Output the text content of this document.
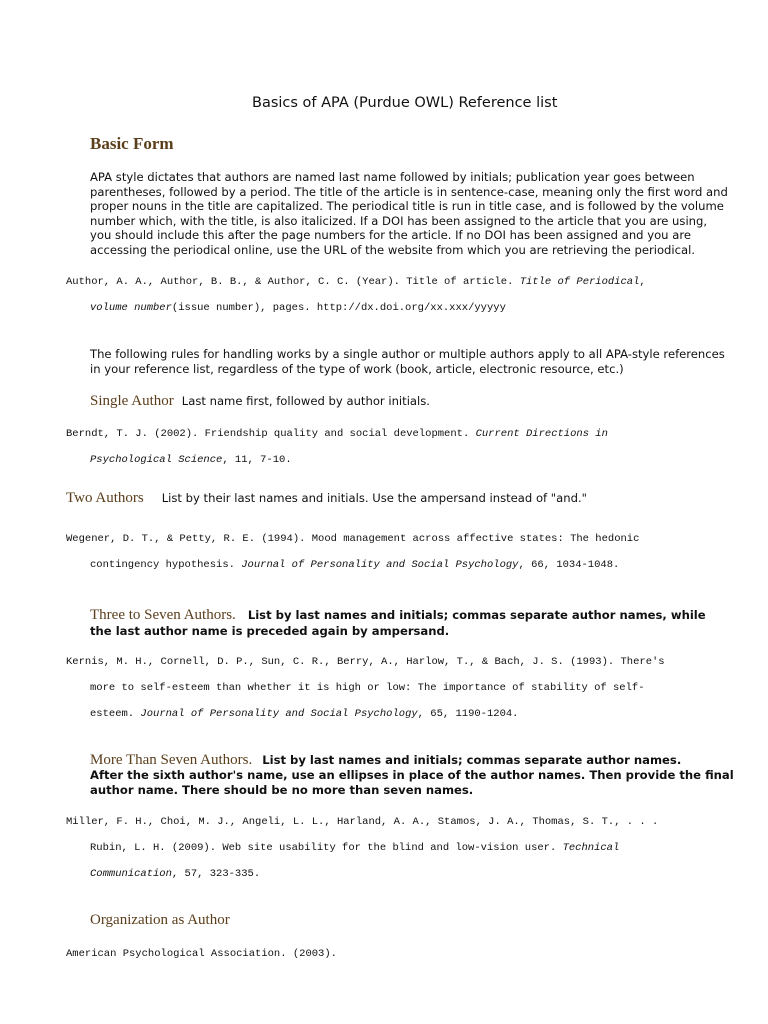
Basics of APA (Purdue OWL) Reference list
Basic Form
APA style dictates that authors are named last name followed by initials; publication year goes between
parentheses, followed by a period. The title of the article is in sentence-case, meaning only the first word and
proper nouns in the title are capitalized. The periodical title is run in title case, and is followed by the volume
number which, with the title, is also italicized. If a DOI has been assigned to the article that you are using,
you should include this after the page numbers for the article. If no DOI has been assigned and you are
accessing the periodical online, use the URL of the website from which you are retrieving the periodical.
Author, A. A., Author, B. B., & Author, C. C. (Year). Title of article. Title of Periodical,
volume number(issue number), pages. http://dx.doi.org/xx.xxx/yyyyy
The following rules for handling works by a single author or multiple authors apply to all APA-style references
in your reference list, regardless of the type of work (book, article, electronic resource, etc.)
Single Author Last name first, followed by author initials.
Berndt, T. J. (2002). Friendship quality and social development. Current Directions in
Psychological Science, 11, 7-10.
Two Authors List by their last names and initials. Use the ampersand instead of "and."
Wegener, D. T., & Petty, R. E. (1994). Mood management across affective states: The hedonic
contingency hypothesis. Journal of Personality and Social Psychology, 66, 1034-1048.
Three to Seven Authors. List by last names and initials; commas separate author names, while
the last author name is preceded again by ampersand.
Kernis, M. H., Cornell, D. P., Sun, C. R., Berry, A., Harlow, T., & Bach, J. S. (1993). There's
more to self-esteem than whether it is high or low: The importance of stability of self-
esteem. Journal of Personality and Social Psychology, 65, 1190-1204.
More Than Seven Authors. List by last names and initials; commas separate author names.
After the sixth author's name, use an ellipses in place of the author names. Then provide the final
author name. There should be no more than seven names.
Miller, F. H., Choi, M. J., Angeli, L. L., Harland, A. A., Stamos, J. A., Thomas, S. T., . . .
Rubin, L. H. (2009). Web site usability for the blind and low-vision user. Technical
Communication, 57, 323-335.
Organization as Author
American Psychological Association. (2003).
